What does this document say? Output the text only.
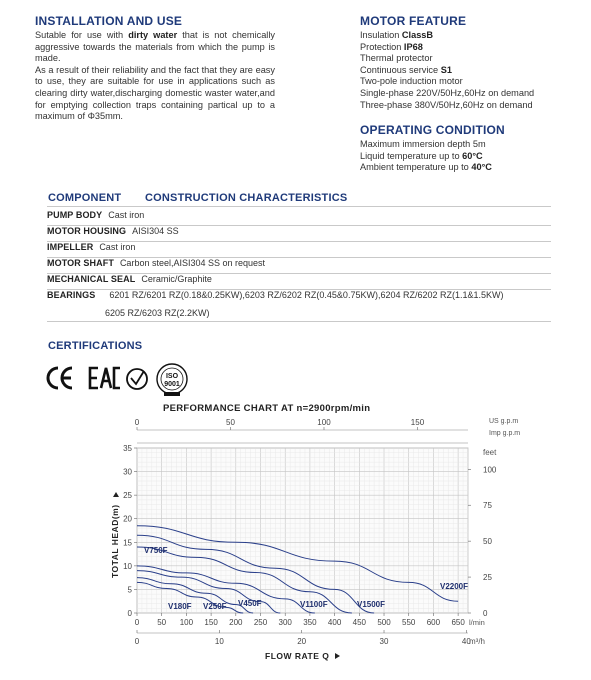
INSTALLATION AND USE
Sutable for use with dirty water that is not chemically aggressive towards the materials from which the pump is made.
As a result of their reliability and the fact that they are easy to use, they are suitable for use in applications such as clearing dirty water,discharging domestic waster water,and for emptying collection traps containing partical up to a maximum of Φ35mm.
MOTOR FEATURE
Insulation ClassB
Protection IP68
Thermal protector
Continuous service S1
Two-pole induction motor
Single-phase 220V/50Hz,60Hz on demand
Three-phase 380V/50Hz,60Hz on demand
OPERATING CONDITION
Maximum immersion depth 5m
Liquid temperature up to 60°C
Ambient temperature up to 40°C
COMPONENT CONSTRUCTION CHARACTERISTICS
PUMP BODY Cast iron
MOTOR HOUSING AISI304 SS
IMPELLER Cast iron
MOTOR SHAFT Carbon steel,AISI304 SS on request
MECHANICAL SEAL Ceramic/Graphite
BEARINGS 6201 RZ/6201 RZ(0.18&0.25KW),6203 RZ/6202 RZ(0.45&0.75KW),6204 RZ/6202 RZ(1.1&1.5KW)
6205 RZ/6203 RZ(2.2KW)
CERTIFICATIONS
ISO
9001
PERFORMANCE CHART AT n=2900rpm/min
0 50 100 150 200 250 300 350 400 450 500 550 600 650
0	10	20	30	40
0	50	100	150
0
5
10
15
20
25
30
35
0
25
50
75
100
V180F V250F V450F
V750F
V1100F	V1500F
V2200F
US g.p.m
Imp g.p.m
feet
l/min
m³/h
FLOW RATE Q
TOTAL HEAD(m)
